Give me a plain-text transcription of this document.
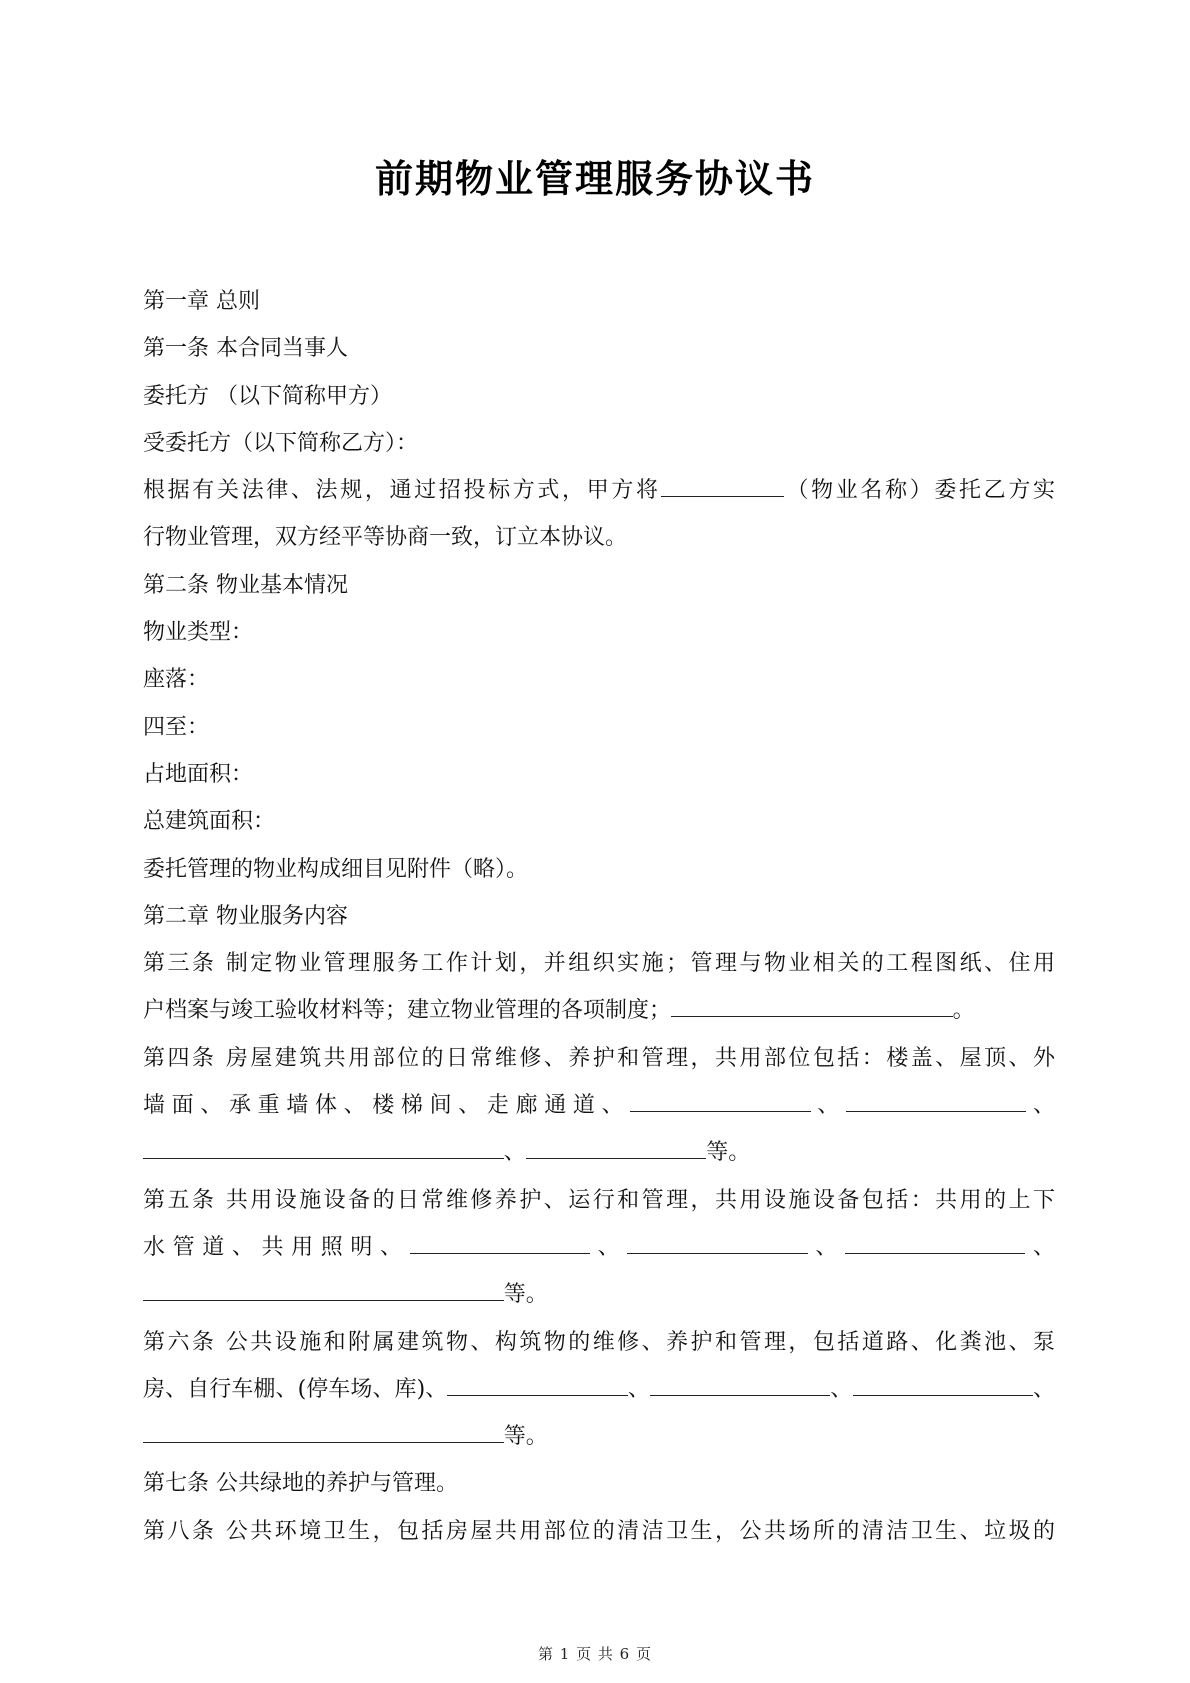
前期物业管理服务协议书
第一章 总则
第一条 本合同当事人
委托方 （以下简称甲方）
受委托方（以下简称乙方）：
根据有关法律、法规，通过招投标方式，甲方将	（物业名称）委托乙方实
行物业管理，双方经平等协商一致，订立本协议。
第二条 物业基本情况
物业类型：
座落：
四至：
占地面积：
总建筑面积：
委托管理的物业构成细目见附件（略）。
第二章 物业服务内容
第三条 制定物业管理服务工作计划，并组织实施；管理与物业相关的工程图纸、住用
户档案与竣工验收材料等；建立物业管理的各项制度；	。
第四条 房屋建筑共用部位的日常维修、养护和管理，共用部位包括：楼盖、屋顶、外
墙面、承重墙体、楼梯间、走廊通道、	、	、
、	等。
第五条 共用设施设备的日常维修养护、运行和管理，共用设施设备包括：共用的上下
水管道、共用照明、	、	、	、
等。
第六条 公共设施和附属建筑物、构筑物的维修、养护和管理，包括道路、化粪池、泵
房、自行车棚、(停车场、库)、	、	、	、
等。
第七条 公共绿地的养护与管理。
第八条 公共环境卫生，包括房屋共用部位的清洁卫生，公共场所的清洁卫生、垃圾的
第 1 页 共 6 页
